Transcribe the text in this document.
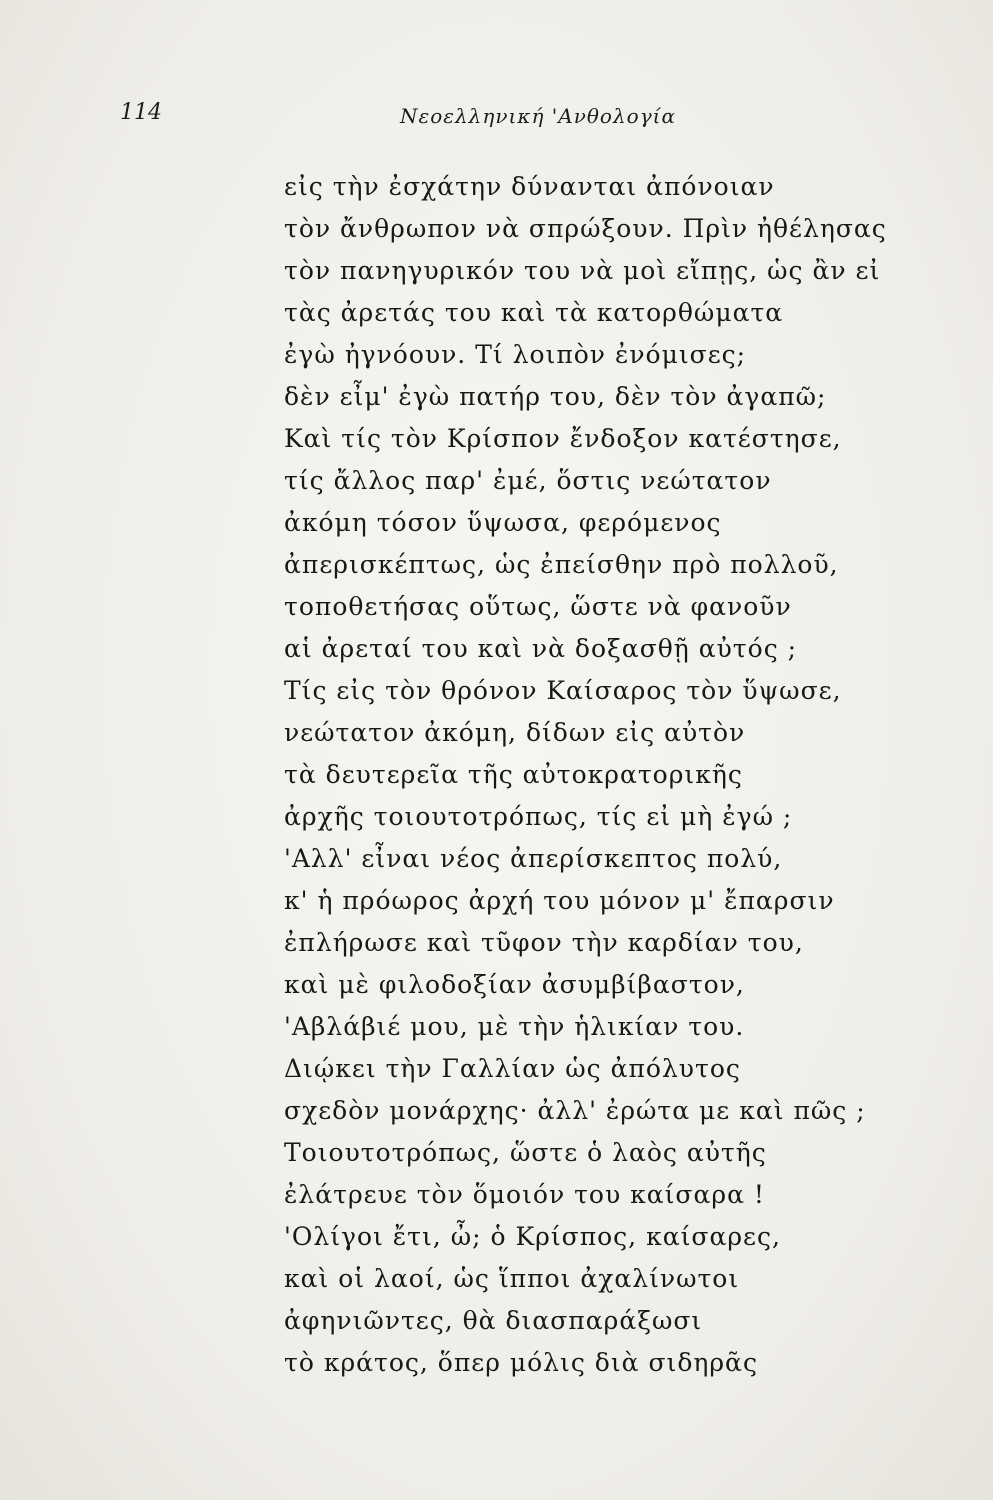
114	Νεοελληνική 'Ανθολογία
εἰς τὴν ἐσχάτην δύνανται ἀπόνοιαν
τὸν ἄνθρωπον νὰ σπρώξουν. Πρὶν ἠθέλησας
τὸν πανηγυρικόν του νὰ μοὶ εἴπῃς, ὡς ἂν εἰ
τὰς ἀρετάς του καὶ τὰ κατορθώματα
ἐγὼ ἠγνόουν. Τί λοιπὸν ἐνόμισες;
δὲν εἶμ' ἐγὼ πατήρ του, δὲν τὸν ἀγαπῶ;
Καὶ τίς τὸν Κρίσπον ἔνδοξον κατέστησε,
τίς ἄλλος παρ' ἐμέ, ὅστις νεώτατον
ἀκόμη τόσον ὕψωσα, φερόμενος
ἀπερισκέπτως, ὡς ἐπείσθην πρὸ πολλοῦ,
τοποθετήσας οὕτως, ὥστε νὰ φανοῦν
αἱ ἀρεταί του καὶ νὰ δοξασθῇ αὐτός ;
Τίς εἰς τὸν θρόνον Καίσαρος τὸν ὕψωσε,
νεώτατον ἀκόμη, δίδων εἰς αὐτὸν
τὰ δευτερεῖα τῆς αὐτοκρατορικῆς
ἀρχῆς τοιουτοτρόπως, τίς εἰ μὴ ἐγώ ;
'Αλλ' εἶναι νέος ἀπερίσκεπτος πολύ,
κ' ἡ πρόωρος ἀρχή του μόνον μ' ἔπαρσιν
ἐπλήρωσε καὶ τῦφον τὴν καρδίαν του,
καὶ μὲ φιλοδοξίαν ἀσυμβίβαστον,
'Αβλάβιέ μου, μὲ τὴν ἡλικίαν του.
Διῴκει τὴν Γαλλίαν ὡς ἀπόλυτος
σχεδὸν μονάρχης· ἀλλ' ἐρώτα με καὶ πῶς ;
Τοιουτοτρόπως, ὥστε ὁ λαὸς αὐτῆς
ἐλάτρευε τὸν ὅμοιόν του καίσαρα !
'Ολίγοι ἔτι, ὦ; ὁ Κρίσπος, καίσαρες,
καὶ οἱ λαοί, ὡς ἵπποι ἀχαλίνωτοι
ἀφηνιῶντες, θὰ διασπαράξωσι
τὸ κράτος, ὅπερ μόλις διὰ σιδηρᾶς
